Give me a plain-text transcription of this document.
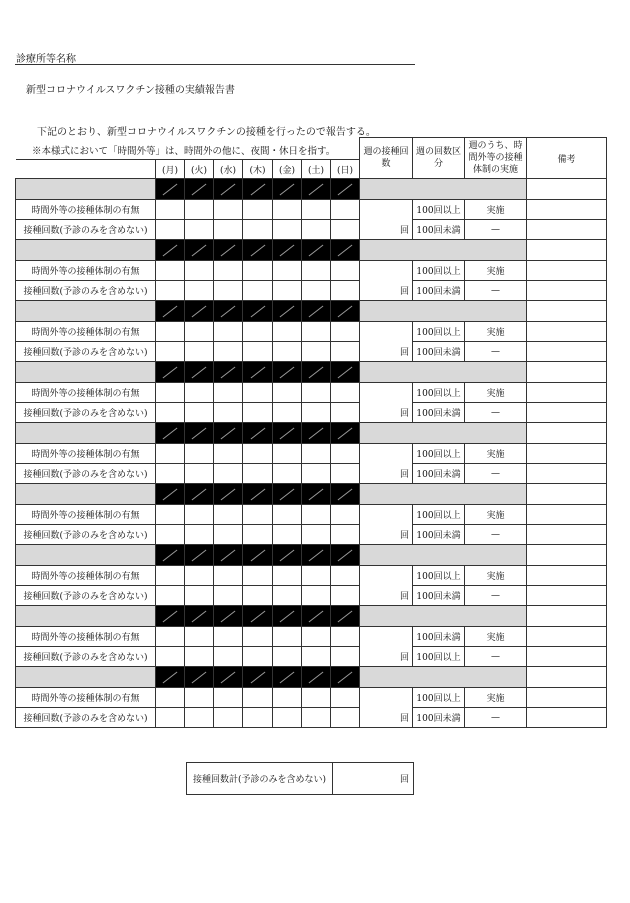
診療所等名称
新型コロナウイルスワクチン接種の実績報告書
下記のとおり、新型コロナウイルスワクチンの接種を行ったので報告する。

								週の接種回数	週の回数区分	週のうち、時間外等の接種体制の実施	備考
	(月)	(火)	(水)	(木)	(金)	(土)	(日)				

時間外等の接種体制の有無								回	100回以上	実施	
接種回数(予診のみを含めない)									100回未満	—	

時間外等の接種体制の有無								回	100回以上	実施	
接種回数(予診のみを含めない)									100回未満	—	

時間外等の接種体制の有無								回	100回以上	実施	
接種回数(予診のみを含めない)									100回未満	—	

時間外等の接種体制の有無								回	100回以上	実施	
接種回数(予診のみを含めない)									100回未満	—	

時間外等の接種体制の有無								回	100回以上	実施	
接種回数(予診のみを含めない)									100回未満	—	

時間外等の接種体制の有無								回	100回以上	実施	
接種回数(予診のみを含めない)									100回未満	—	

時間外等の接種体制の有無								回	100回以上	実施	
接種回数(予診のみを含めない)									100回未満	—	

時間外等の接種体制の有無								回	100回未満	実施	
接種回数(予診のみを含めない)									100回以上	—	

時間外等の接種体制の有無								回	100回以上	実施	
接種回数(予診のみを含めない)									100回未満	—	
※本様式において「時間外等」は、時間外の他に、夜間・休日を指す。
接種回数計(予診のみを含めない)	回
